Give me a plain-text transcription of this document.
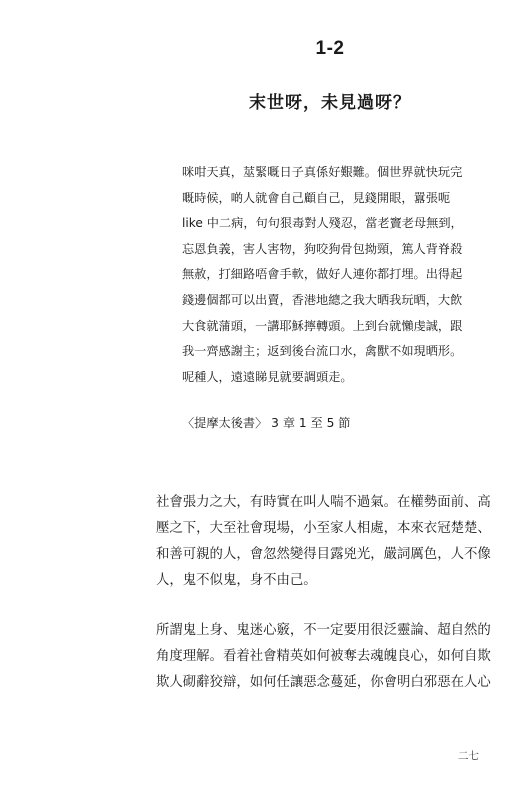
1-2
末世呀，未見過呀？
咪咁天真，莁緊嘅日子真係好艱難。個世界就快玩完
嘅時候，啲人就會自己顧自己，見錢開眼，囂張呃
like 中二病，句句狠毒對人殘忍，當老竇老母無到，
忘恩負義，害人害物，狗咬狗骨包拗頸，篤人背脊殺
無赦，打細路唔會手軟，做好人連你都打埋。出得起
錢邊個都可以出賣，香港地總之我大晒我玩晒，大飲
大食就蒲頭，一講耶穌擰轉頭。上到台就懶虔誠，跟
我一齊感謝主；返到後台流口水，禽獸不如現晒形。
呢種人，遠遠睇見就要調頭走。
〈提摩太後書〉 3 章 1 至 5 節
社會張力之大，有時實在叫人喘不過氣。在權勢面前、高
壓之下，大至社會現場，小至家人相處，本來衣冠楚楚、
和善可親的人，會忽然變得目露兇光，嚴詞厲色，人不像
人，鬼不似鬼，身不由己。
所謂鬼上身、鬼迷心竅，不一定要用很泛靈論、超自然的
角度理解。看着社會精英如何被奪去魂魄良心，如何自欺
欺人砌辭狡辯，如何任讓惡念蔓延，你會明白邪惡在人心
二七
